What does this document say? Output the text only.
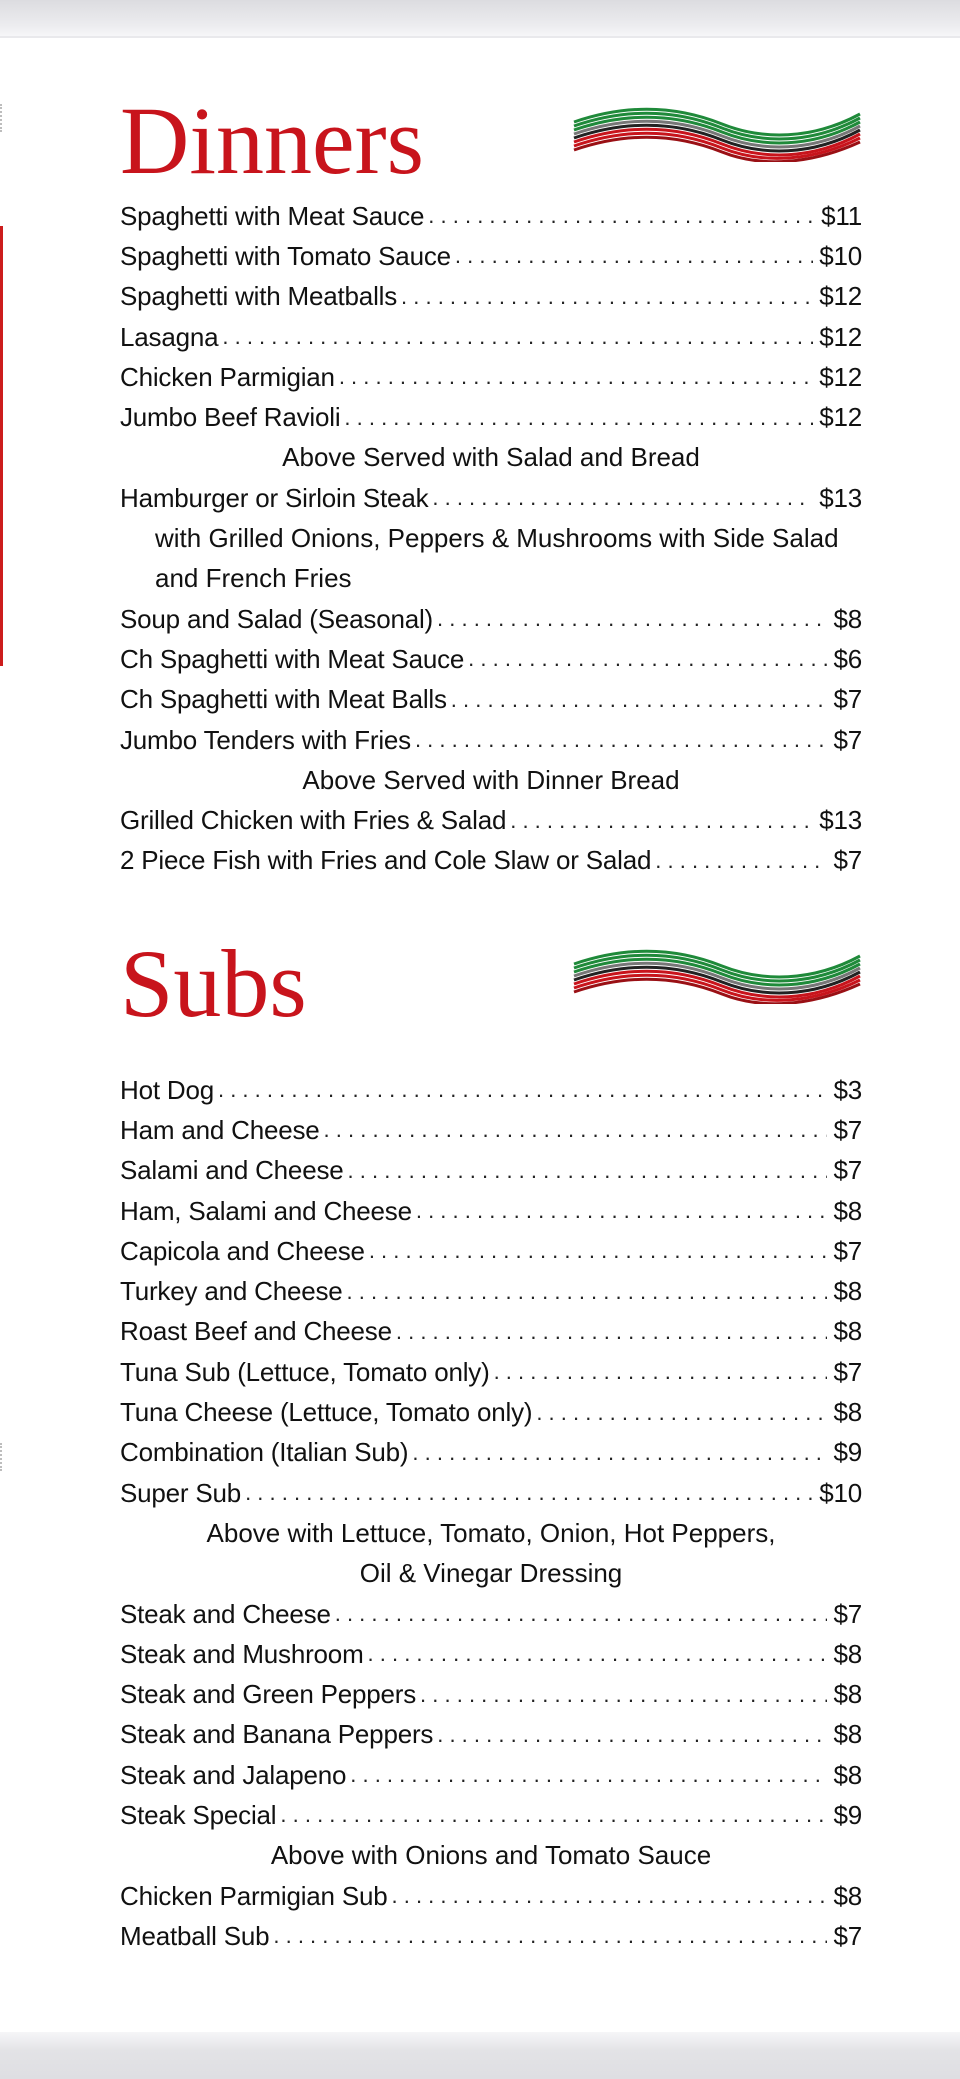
Dinners
Spaghetti with Meat Sauce . . .	$11
Spaghetti with Tomato Sauce . . .	$10
Spaghetti with Meatballs . . .	$12
Lasagna . . .	$12
Chicken Parmigian . . .	$12
Jumbo Beef Ravioli . . .	$12
Above Served with Salad and Bread
Hamburger or Sirloin Steak . . .	$13
with Grilled Onions, Peppers & Mushrooms with Side Salad
and French Fries
Soup and Salad (Seasonal) . . .	$8
Ch Spaghetti with Meat Sauce . . .	$6
Ch Spaghetti with Meat Balls . . .	$7
Jumbo Tenders with Fries . . .	$7
Above Served with Dinner Bread
Grilled Chicken with Fries & Salad . . .	$13
2 Piece Fish with Fries and Cole Slaw or Salad . . .	$7
Subs
Hot Dog . . .	$3
Ham and Cheese . . .	$7
Salami and Cheese . . .	$7
Ham, Salami and Cheese . . .	$8
Capicola and Cheese . . .	$7
Turkey and Cheese . . .	$8
Roast Beef and Cheese . . .	$8
Tuna Sub (Lettuce, Tomato only) . . .	$7
Tuna Cheese (Lettuce, Tomato only) . . .	$8
Combination (Italian Sub) . . .	$9
Super Sub . . .	$10
Above with Lettuce, Tomato, Onion, Hot Peppers,
Oil & Vinegar Dressing
Steak and Cheese . . .	$7
Steak and Mushroom . . .	$8
Steak and Green Peppers . . .	$8
Steak and Banana Peppers . . .	$8
Steak and Jalapeno . . .	$8
Steak Special . . .	$9
Above with Onions and Tomato Sauce
Chicken Parmigian Sub . . .	$8
Meatball Sub . . .	$7
